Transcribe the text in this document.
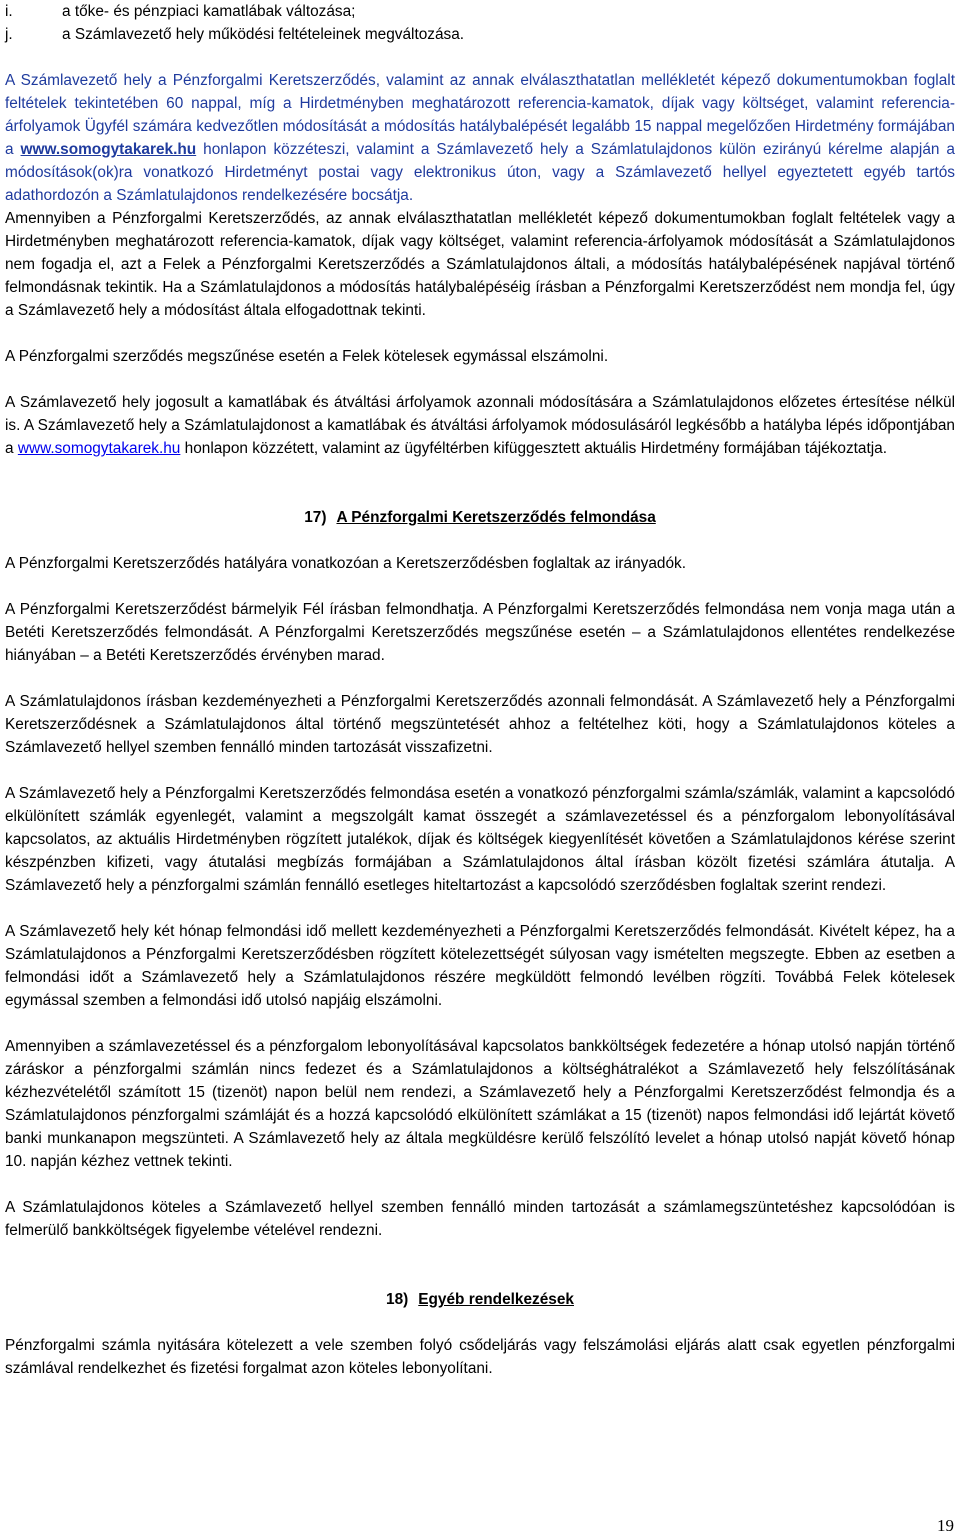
i.	a tőke- és pénzpiaci kamatlábak változása;
j.	a Számlavezető hely működési feltételeinek megváltozása.

A Számlavezető hely a Pénzforgalmi Keretszerződés, valamint az annak elválaszthatatlan mellékletét képező dokumentumokban foglalt feltételek tekintetében 60 nappal, míg a Hirdetményben meghatározott referencia-kamatok, díjak vagy költséget, valamint referencia-árfolyamok Ügyfél számára kedvezőtlen módosítását a módosítás hatálybalépését legalább 15 nappal megelőzően Hirdetmény formájában a www.somogytakarek.hu honlapon közzéteszi, valamint a Számlavezető hely a Számlatulajdonos külön ezirányú kérelme alapján a módosítások(ok)ra vonatkozó Hirdetményt postai vagy elektronikus úton, vagy a Számlavezető hellyel egyeztetett egyéb tartós adathordozón a Számlatulajdonos rendelkezésére bocsátja.

Amennyiben a Pénzforgalmi Keretszerződés, az annak elválaszthatatlan mellékletét képező dokumentumokban foglalt feltételek vagy a Hirdetményben meghatározott referencia-kamatok, díjak vagy költséget, valamint referencia-árfolyamok módosítását a Számlatulajdonos nem fogadja el, azt a Felek a Pénzforgalmi Keretszerződés a Számlatulajdonos általi, a módosítás hatálybalépésének napjával történő felmondásnak tekintik. Ha a Számlatulajdonos a módosítás hatálybalépéséig írásban a Pénzforgalmi Keretszerződést nem mondja fel, úgy a Számlavezető hely a módosítást általa elfogadottnak tekinti.

A Pénzforgalmi szerződés megszűnése esetén a Felek kötelesek egymással elszámolni.

A Számlavezető hely jogosult a kamatlábak és átváltási árfolyamok azonnali módosítására a Számlatulajdonos előzetes értesítése nélkül is. A Számlavezető hely a Számlatulajdonost a kamatlábak és átváltási árfolyamok módosulásáról legkésőbb a hatályba lépés időpontjában a www.somogytakarek.hu honlapon közzétett, valamint az ügyféltérben kifüggesztett aktuális Hirdetmény formájában tájékoztatja.

17) A Pénzforgalmi Keretszerződés felmondása

A Pénzforgalmi Keretszerződés hatályára vonatkozóan a Keretszerződésben foglaltak az irányadók.

A Pénzforgalmi Keretszerződést bármelyik Fél írásban felmondhatja. A Pénzforgalmi Keretszerződés felmondása nem vonja maga után a Betéti Keretszerződés felmondását. A Pénzforgalmi Keretszerződés megszűnése esetén – a Számlatulajdonos ellentétes rendelkezése hiányában – a Betéti Keretszerződés érvényben marad.

A Számlatulajdonos írásban kezdeményezheti a Pénzforgalmi Keretszerződés azonnali felmondását. A Számlavezető hely a Pénzforgalmi Keretszerződésnek a Számlatulajdonos által történő megszüntetését ahhoz a feltételhez köti, hogy a Számlatulajdonos köteles a Számlavezető hellyel szemben fennálló minden tartozását visszafizetni.

A Számlavezető hely a Pénzforgalmi Keretszerződés felmondása esetén a vonatkozó pénzforgalmi számla/számlák, valamint a kapcsolódó elkülönített számlák egyenlegét, valamint a megszolgált kamat összegét a számlavezetéssel és a pénzforgalom lebonyolításával kapcsolatos, az aktuális Hirdetményben rögzített jutalékok, díjak és költségek kiegyenlítését követően a Számlatulajdonos kérése szerint készpénzben kifizeti, vagy átutalási megbízás formájában a Számlatulajdonos által írásban közölt fizetési számlára átutalja. A Számlavezető hely a pénzforgalmi számlán fennálló esetleges hiteltartozást a kapcsolódó szerződésben foglaltak szerint rendezi.

A Számlavezető hely két hónap felmondási idő mellett kezdeményezheti a Pénzforgalmi Keretszerződés felmondását. Kivételt képez, ha a Számlatulajdonos a Pénzforgalmi Keretszerződésben rögzített kötelezettségét súlyosan vagy ismételten megszegte. Ebben az esetben a felmondási időt a Számlavezető hely a Számlatulajdonos részére megküldött felmondó levélben rögzíti. Továbbá Felek kötelesek egymással szemben a felmondási idő utolsó napjáig elszámolni.

Amennyiben a számlavezetéssel és a pénzforgalom lebonyolításával kapcsolatos bankköltségek fedezetére a hónap utolsó napján történő záráskor a pénzforgalmi számlán nincs fedezet és a Számlatulajdonos a költséghátralékot a Számlavezető hely felszólításának kézhezvételétől számított 15 (tizenöt) napon belül nem rendezi, a Számlavezető hely a Pénzforgalmi Keretszerződést felmondja és a Számlatulajdonos pénzforgalmi számláját és a hozzá kapcsolódó elkülönített számlákat a 15 (tizenöt) napos felmondási idő lejártát követő banki munkanapon megszünteti. A Számlavezető hely az általa megküldésre kerülő felszólító levelet a hónap utolsó napját követő hónap 10. napján kézhez vettnek tekinti.

A Számlatulajdonos köteles a Számlavezető hellyel szemben fennálló minden tartozását a számlamegszüntetéshez kapcsolódóan is felmerülő bankköltségek figyelembe vételével rendezni.

18) Egyéb rendelkezések

Pénzforgalmi számla nyitására kötelezett a vele szemben folyó csődeljárás vagy felszámolási eljárás alatt csak egyetlen pénzforgalmi számlával rendelkezhet és fizetési forgalmat azon köteles lebonyolítani.

19
